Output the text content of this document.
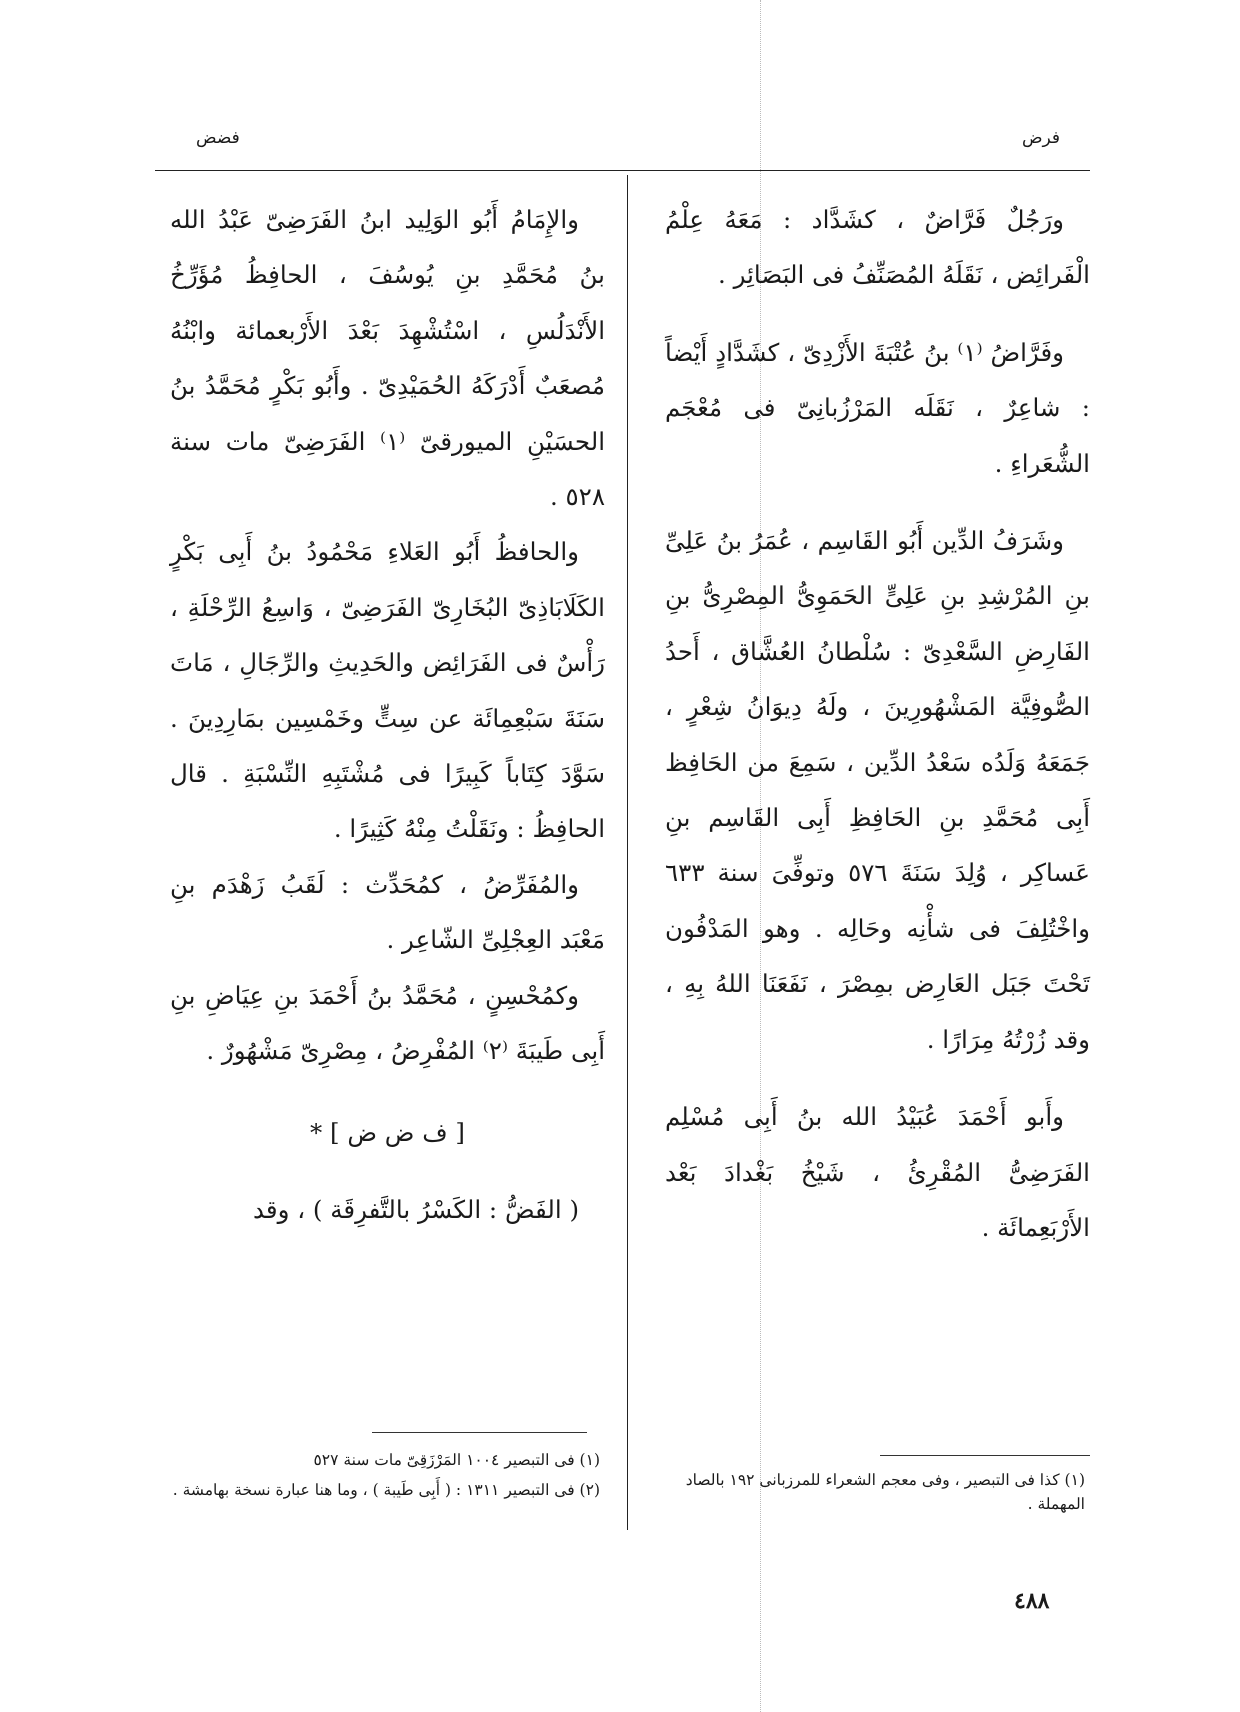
فرض
فضض

ورَجُلٌ فَرَّاضٌ ، كشَدَّاد : مَعَهُ عِلْمُ الْفَرائِض ، نَقَلَهُ المُصَنِّفُ فى البَصَائِر .

وفَرَّاضُ ⁽١⁾ بنُ عُتْبَةَ الأَزْدِىّ ، كشَدَّادٍ أَيْضاً : شاعِرٌ ، نَقَلَه المَرْزُبانِىّ فى مُعْجَم الشُّعَراءِ .

وشَرَفُ الدِّين أَبُو القَاسِم ، عُمَرُ بنُ عَلِىِّ بنِ المُرْشِدِ بنِ عَلِىٍّ الحَمَوِىُّ المِصْرِىُّ بنِ الفَارِضِ السَّعْدِىّ : سُلْطانُ العُشَّاق ، أَحدُ الصُّوفِيَّة المَشْهُورِينَ ، ولَهُ دِيوَانُ شِعْرٍ ، جَمَعَهُ وَلَدُه سَعْدُ الدِّين ، سَمِعَ من الحَافِظ أَبِى مُحَمَّدِ بنِ الحَافِظِ أَبِى القَاسِم بنِ عَساكِر ، وُلِدَ سَنَةَ ٥٧٦ وتوفِّىَ سنة ٦٣٣ واخْتُلِفَ فى شأْنِه وحَالِه . وهو المَدْفُون تَحْتَ جَبَل العَارِض بمِصْرَ ، نَفَعَنَا اللهُ بِهِ ، وقد زُرْتُهُ مِرَارًا .

وأَبو أَحْمَدَ عُبَيْدُ الله بنُ أَبِى مُسْلِم الفَرَضِىُّ المُقْرِئُ ، شَيْخُ بَغْدادَ بَعْد الأَرْبَعِمائَة .

والإِمَامُ أَبُو الوَلِيد ابنُ الفَرَضِىّ عَبْدُ الله بنُ مُحَمَّدِ بنِ يُوسُفَ ، الحافِظُ مُؤَرِّخُ الأَنْدَلُسِ ، اسْتُشْهِدَ بَعْدَ الأَرْبعمائة وابْنُهُ مُصعَبٌ أَدْرَكَهُ الحُمَيْدِىّ . وأَبُو بَكْرٍ مُحَمَّدُ بنُ الحسَيْنِ الميورقىّ ⁽١⁾ الفَرَضِىّ مات سنة ٥٢٨ .

والحافظُ أَبُو العَلاءِ مَحْمُودُ بنُ أَبِى بَكْرٍ الكَلَابَاذِىّ البُخَارِىّ الفَرَضِىّ ، وَاسِعُ الرِّحْلَةِ ، رَأْسٌ فى الفَرَائِض والحَدِيثِ والرِّجَالِ ، مَاتَ سَنَةَ سَبْعِمِائَة عن سِتٍّ وخَمْسِين بمَارِدِينَ . سَوَّدَ كِتَاباً كَبِيرًا فى مُشْتَبِهِ النِّسْبَةِ . قال الحافِظُ : ونَقَلْتُ مِنْهُ كَثِيرًا .

والمُفَرِّضُ ، كمُحَدِّث : لَقَبُ زَهْدَم بنِ مَعْبَد العِجْلِىِّ الشّاعِر .

وكمُحْسِنٍ ، مُحَمَّدُ بنُ أَحْمَدَ بنِ عِيَاضِ بنِ أَبِى طَيبَةَ ⁽٢⁾ المُفْرِضُ ، مِصْرِىّ مَشْهُورٌ .

[ ف ض ض ] *

( الفَضُّ : الكَسْرُ بالتَّفرِقَة ) ، وقد

(١) فى التبصير ١٠٠٤ المَرْزَقِىّ مات سنة ٥٢٧

(٢) فى التبصير ١٣١١ : ( أَبِى طَيبة ) ، وما هنا عبارة نسخة بهامشة .

(١) كذا فى التبصير ، وفى معجم الشعراء للمرزبانى ١٩٢ بالصاد المهملة .

٤٨٨
